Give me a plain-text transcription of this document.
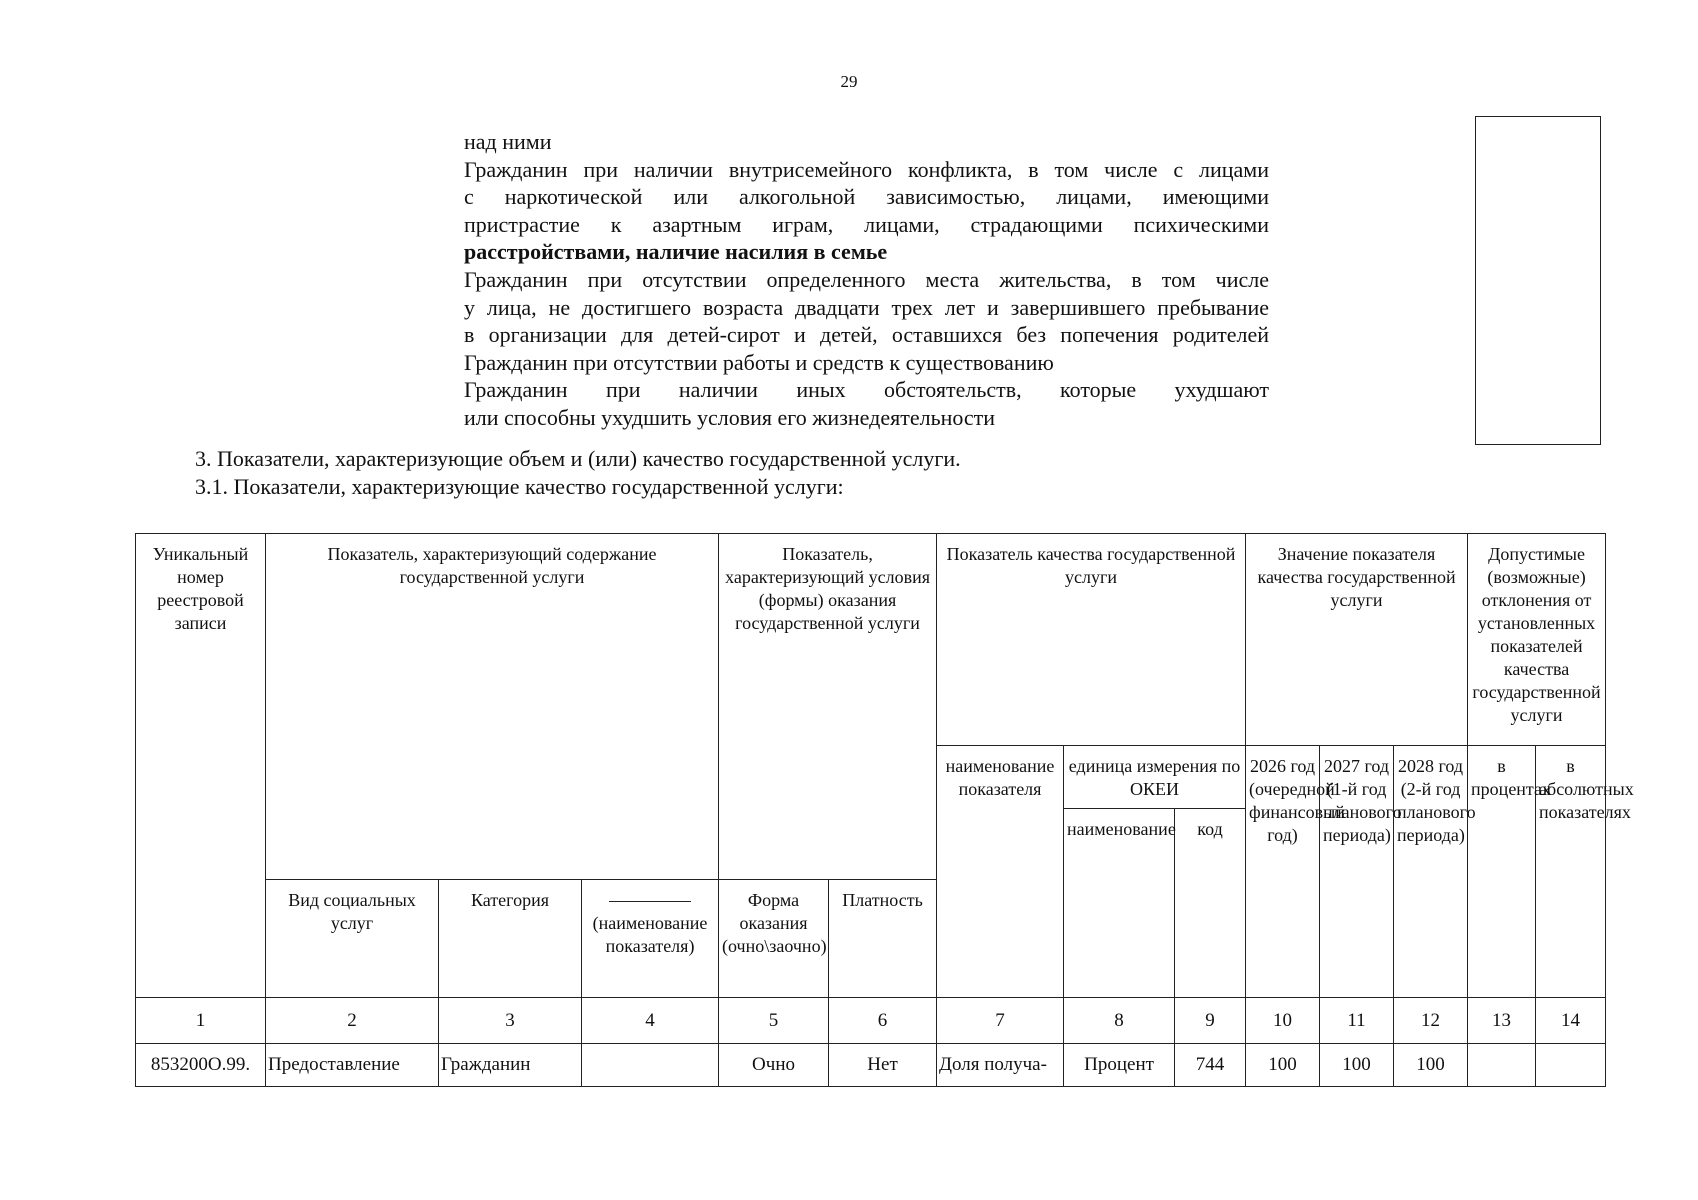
29
над ними
Гражданин при наличии внутрисемейного конфликта, в том числе с лицами
с наркотической или алкогольной зависимостью, лицами, имеющими
пристрастие к азартным играм, лицами, страдающими психическими
расстройствами, наличие насилия в семье
Гражданин при отсутствии определенного места жительства, в том числе
у лица, не достигшего возраста двадцати трех лет и завершившего пребывание
в организации для детей-сирот и детей, оставшихся без попечения родителей
Гражданин при отсутствии работы и средств к существованию
Гражданин при наличии иных обстоятельств, которые ухудшают
или способны ухудшить условия его жизнедеятельности
3. Показатели, характеризующие объем и (или) качество государственной услуги.
3.1. Показатели, характеризующие качество государственной услуги:
Уникальный номер реестровой записи	Показатель, характеризующий содержание государственной услуги			Показатель, характеризующий условия (формы) оказания государственной услуги		Показатель качества государственной услуги			Значение показателя качества государственной услуги			Допустимые (возможные) отклонения от установленных показателей качества государственной услуги	
						наименование показателя	единица измерения по ОКЕИ		2026 год (очередной финансовый год)	2027 год (1-й год планового периода)	2028 год (2-й год планового периода)	в процентах	в абсолютных показателях
							наименование	код					
	Вид социальных услуг	Категория	(наименование показателя)	Форма оказания (очно\заочно)	Платность								
1	2	3	4	5	6	7	8	9	10	11	12	13	14
853200О.99.	Предоставление	Гражданин		Очно	Нет	Доля получа-	Процент	744	100	100	100		
